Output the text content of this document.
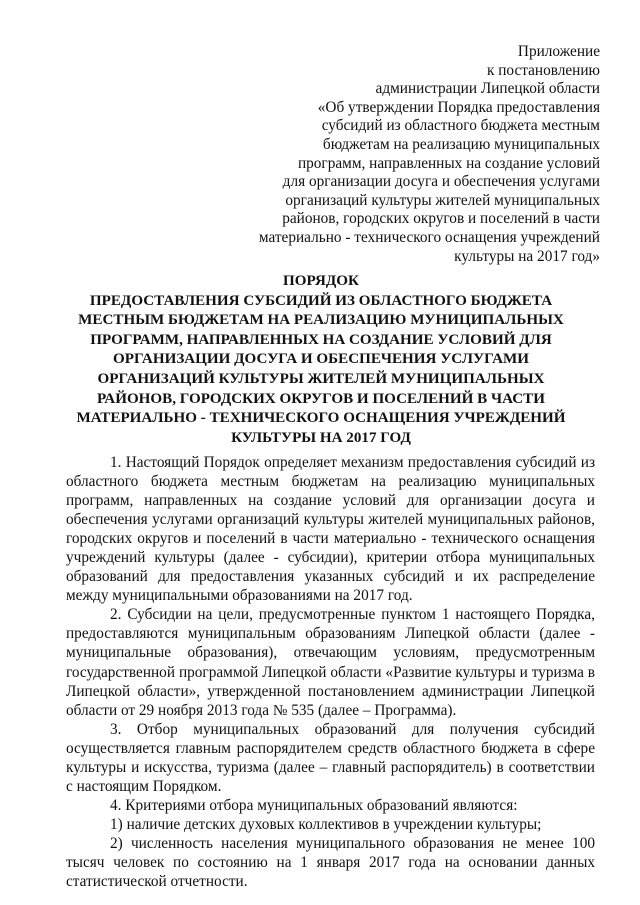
Приложение
к постановлению
администрации Липецкой области
«Об утверждении Порядка предоставления
субсидий из областного бюджета местным
бюджетам на реализацию муниципальных
программ, направленных на создание условий
для организации досуга и обеспечения услугами
организаций культуры жителей муниципальных
районов, городских округов и поселений в части
материально - технического оснащения учреждений
культуры на 2017 год»
ПОРЯДОК
ПРЕДОСТАВЛЕНИЯ СУБСИДИЙ ИЗ ОБЛАСТНОГО БЮДЖЕТА
МЕСТНЫМ БЮДЖЕТАМ НА РЕАЛИЗАЦИЮ МУНИЦИПАЛЬНЫХ
ПРОГРАММ, НАПРАВЛЕННЫХ НА СОЗДАНИЕ УСЛОВИЙ ДЛЯ
ОРГАНИЗАЦИИ ДОСУГА И ОБЕСПЕЧЕНИЯ УСЛУГАМИ
ОРГАНИЗАЦИЙ КУЛЬТУРЫ ЖИТЕЛЕЙ МУНИЦИПАЛЬНЫХ
РАЙОНОВ, ГОРОДСКИХ ОКРУГОВ И ПОСЕЛЕНИЙ В ЧАСТИ
МАТЕРИАЛЬНО - ТЕХНИЧЕСКОГО ОСНАЩЕНИЯ УЧРЕЖДЕНИЙ
КУЛЬТУРЫ НА 2017 ГОД

1. Настоящий Порядок определяет механизм предоставления субсидий из областного бюджета местным бюджетам на реализацию муниципальных программ, направленных на создание условий для организации досуга и обеспечения услугами организаций культуры жителей муниципальных районов, городских округов и поселений в части материально - технического оснащения учреждений культуры (далее - субсидии), критерии отбора муниципальных образований для предоставления указанных субсидий и их распределение между муниципальными образованиями на 2017 год.

2. Субсидии на цели, предусмотренные пунктом 1 настоящего Порядка, предоставляются муниципальным образованиям Липецкой области (далее - муниципальные образования), отвечающим условиям, предусмотренным государственной программой Липецкой области «Развитие культуры и туризма в Липецкой области», утвержденной постановлением администрации Липецкой области от 29 ноября 2013 года № 535 (далее – Программа).

3. Отбор муниципальных образований для получения субсидий осуществляется главным распорядителем средств областного бюджета в сфере культуры и искусства, туризма (далее – главный распорядитель) в соответствии с настоящим Порядком.

4. Критериями отбора муниципальных образований являются:

1) наличие детских духовых коллективов в учреждении культуры;

2) численность населения муниципального образования не менее 100 тысяч человек по состоянию на 1 января 2017 года на основании данных статистической отчетности.
